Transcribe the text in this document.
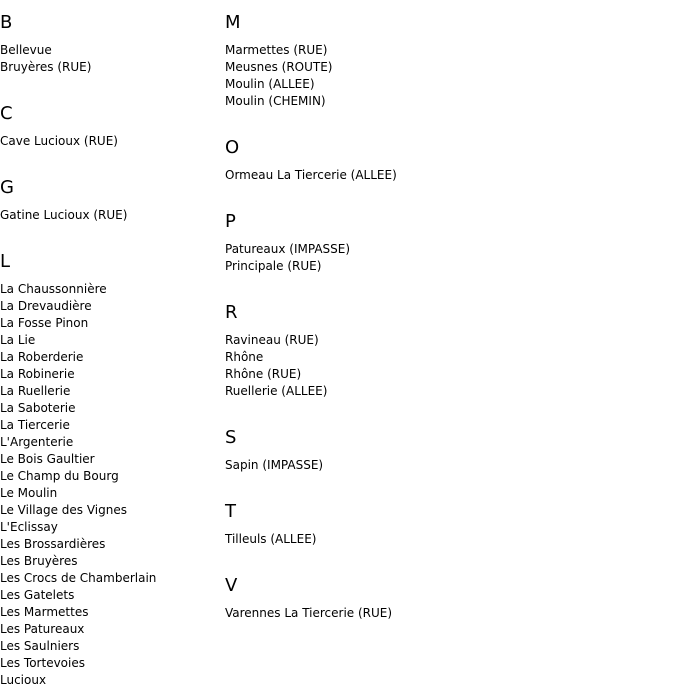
B
Bellevue
Bruyères (RUE)
C
Cave Lucioux (RUE)
G
Gatine Lucioux (RUE)
L
La Chaussonnière
La Drevaudière
La Fosse Pinon
La Lie
La Roberderie
La Robinerie
La Ruellerie
La Saboterie
La Tiercerie
L'Argenterie
Le Bois Gaultier
Le Champ du Bourg
Le Moulin
Le Village des Vignes
L'Eclissay
Les Brossardières
Les Bruyères
Les Crocs de Chamberlain
Les Gatelets
Les Marmettes
Les Patureaux
Les Saulniers
Les Tortevoies
Lucioux
M
Marmettes (RUE)
Meusnes (ROUTE)
Moulin (ALLEE)
Moulin (CHEMIN)
O
Ormeau La Tiercerie (ALLEE)
P
Patureaux (IMPASSE)
Principale (RUE)
R
Ravineau (RUE)
Rhône
Rhône (RUE)
Ruellerie (ALLEE)
S
Sapin (IMPASSE)
T
Tilleuls (ALLEE)
V
Varennes La Tiercerie (RUE)
